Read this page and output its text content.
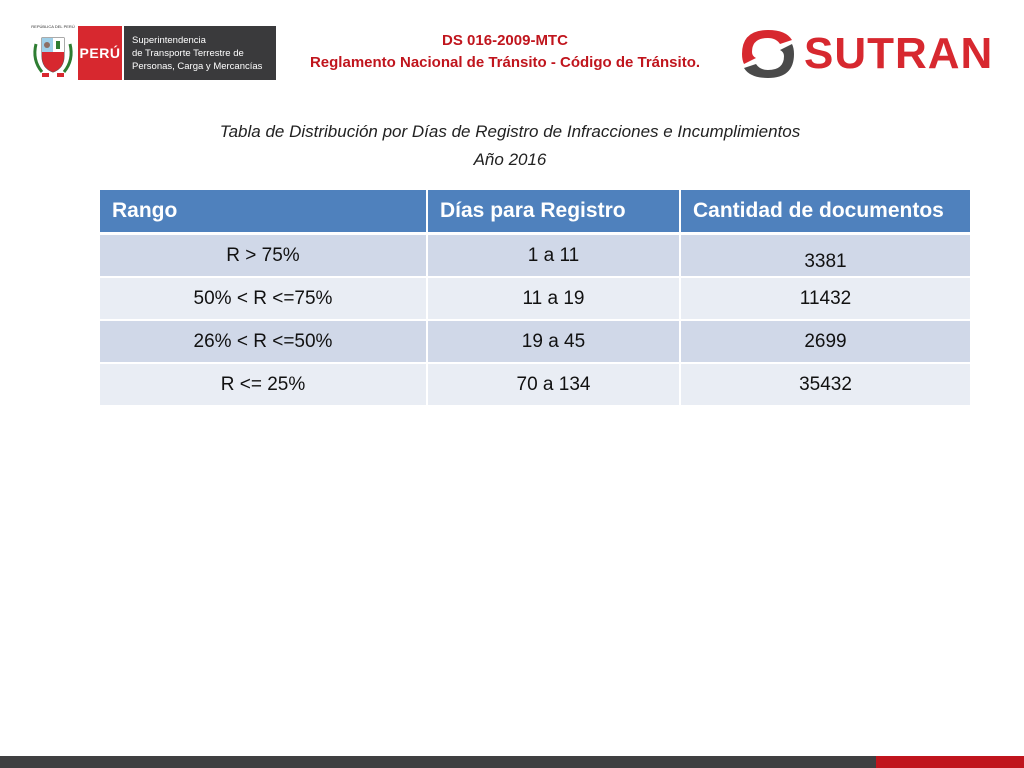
REPÚBLICA DEL PERÚ
PERÚ
Superintendencia
de Transporte Terrestre de
Personas, Carga y Mercancías
DS 016-2009-MTC
Reglamento Nacional de Tránsito - Código de Tránsito.	SUTRAN
Tabla de Distribución por Días de Registro de Infracciones e Incumplimientos
Año 2016
Rango	Días para Registro	Cantidad de documentos
R > 75%	1 a 11	3381
50% < R <=75%	11 a 19	11432
26% < R <=50%	19 a 45	2699
R <= 25%	70 a 134	35432
